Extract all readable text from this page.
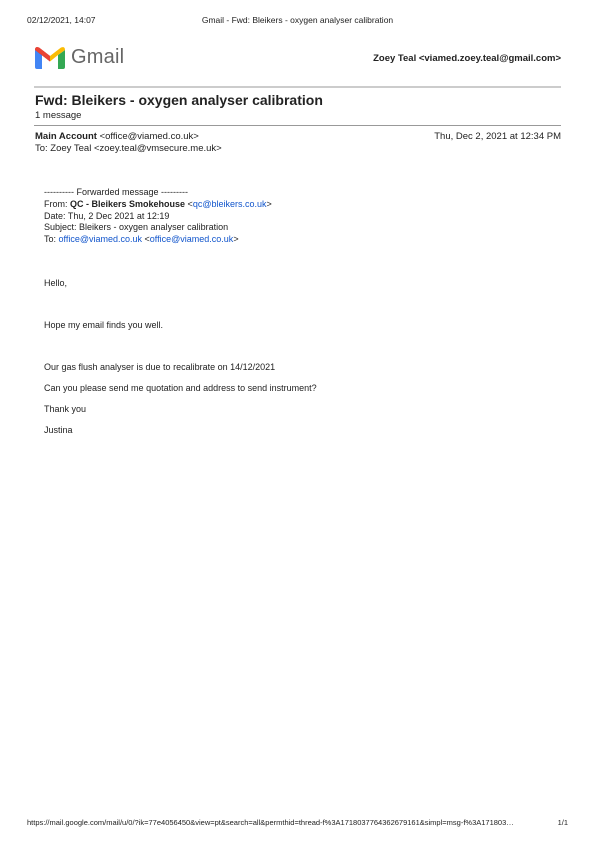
02/12/2021, 14:07	Gmail - Fwd: Bleikers - oxygen analyser calibration
Gmail	Zoey Teal <viamed.zoey.teal@gmail.com>
Fwd: Bleikers - oxygen analyser calibration
1 message
Main Account <office@viamed.co.uk>	Thu, Dec 2, 2021 at 12:34 PM
To: Zoey Teal <zoey.teal@vmsecure.me.uk>
---------- Forwarded message ---------
From: QC - Bleikers Smokehouse <qc@bleikers.co.uk>
Date: Thu, 2 Dec 2021 at 12:19
Subject: Bleikers - oxygen analyser calibration
To: office@viamed.co.uk <office@viamed.co.uk>
Hello,
Hope my email finds you well.
Our gas flush analyser is due to recalibrate on 14/12/2021
Can you please send me quotation and address to send instrument?
Thank you
Justina
https://mail.google.com/mail/u/0/?ik=77e4056450&view=pt&search=all&permthid=thread-f%3A1718037764362679161&simpl=msg-f%3A171803…	1/1
